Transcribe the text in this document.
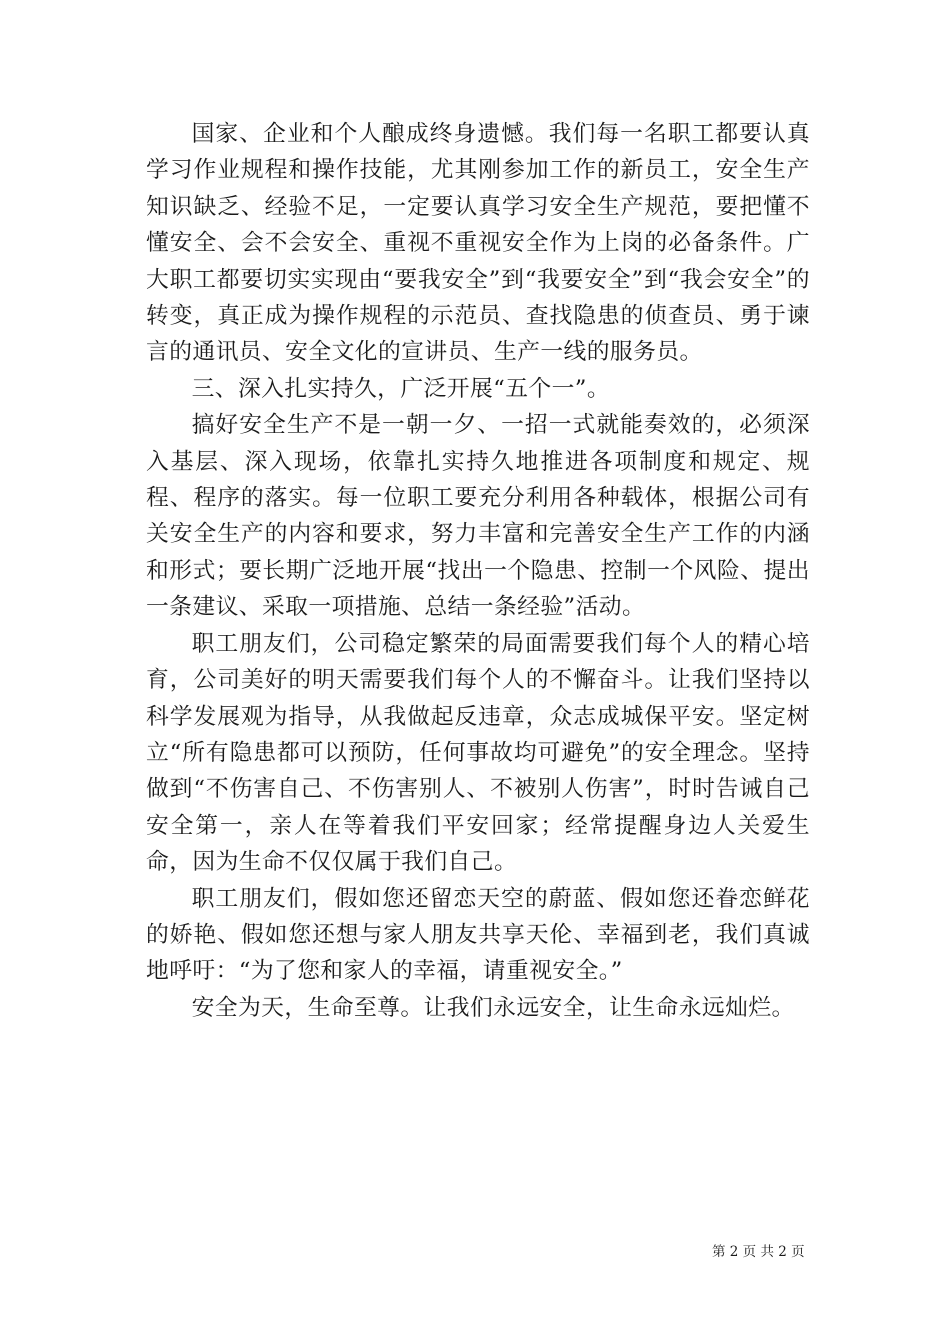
国家、企业和个人酿成终身遗憾。我们每一名职工都要认真学习作业规程和操作技能，尤其刚参加工作的新员工，安全生产知识缺乏、经验不足，一定要认真学习安全生产规范，要把懂不懂安全、会不会安全、重视不重视安全作为上岗的必备条件。广大职工都要切实实现由“要我安全”到“我要安全”到“我会安全”的转变，真正成为操作规程的示范员、查找隐患的侦查员、勇于谏言的通讯员、安全文化的宣讲员、生产一线的服务员。

三、深入扎实持久，广泛开展“五个一”。

搞好安全生产不是一朝一夕、一招一式就能奏效的，必须深入基层、深入现场，依靠扎实持久地推进各项制度和规定、规程、程序的落实。每一位职工要充分利用各种载体，根据公司有关安全生产的内容和要求，努力丰富和完善安全生产工作的内涵和形式；要长期广泛地开展“找出一个隐患、控制一个风险、提出一条建议、采取一项措施、总结一条经验”活动。

职工朋友们，公司稳定繁荣的局面需要我们每个人的精心培育，公司美好的明天需要我们每个人的不懈奋斗。让我们坚持以科学发展观为指导，从我做起反违章，众志成城保平安。坚定树立“所有隐患都可以预防，任何事故均可避免”的安全理念。坚持做到“不伤害自己、不伤害别人、不被别人伤害”，时时告诫自己安全第一，亲人在等着我们平安回家；经常提醒身边人关爱生命，因为生命不仅仅属于我们自己。

职工朋友们，假如您还留恋天空的蔚蓝、假如您还眷恋鲜花的娇艳、假如您还想与家人朋友共享天伦、幸福到老，我们真诚地呼吁：“为了您和家人的幸福，请重视安全。”

安全为天，生命至尊。让我们永远安全，让生命永远灿烂。

第 2 页 共 2 页
